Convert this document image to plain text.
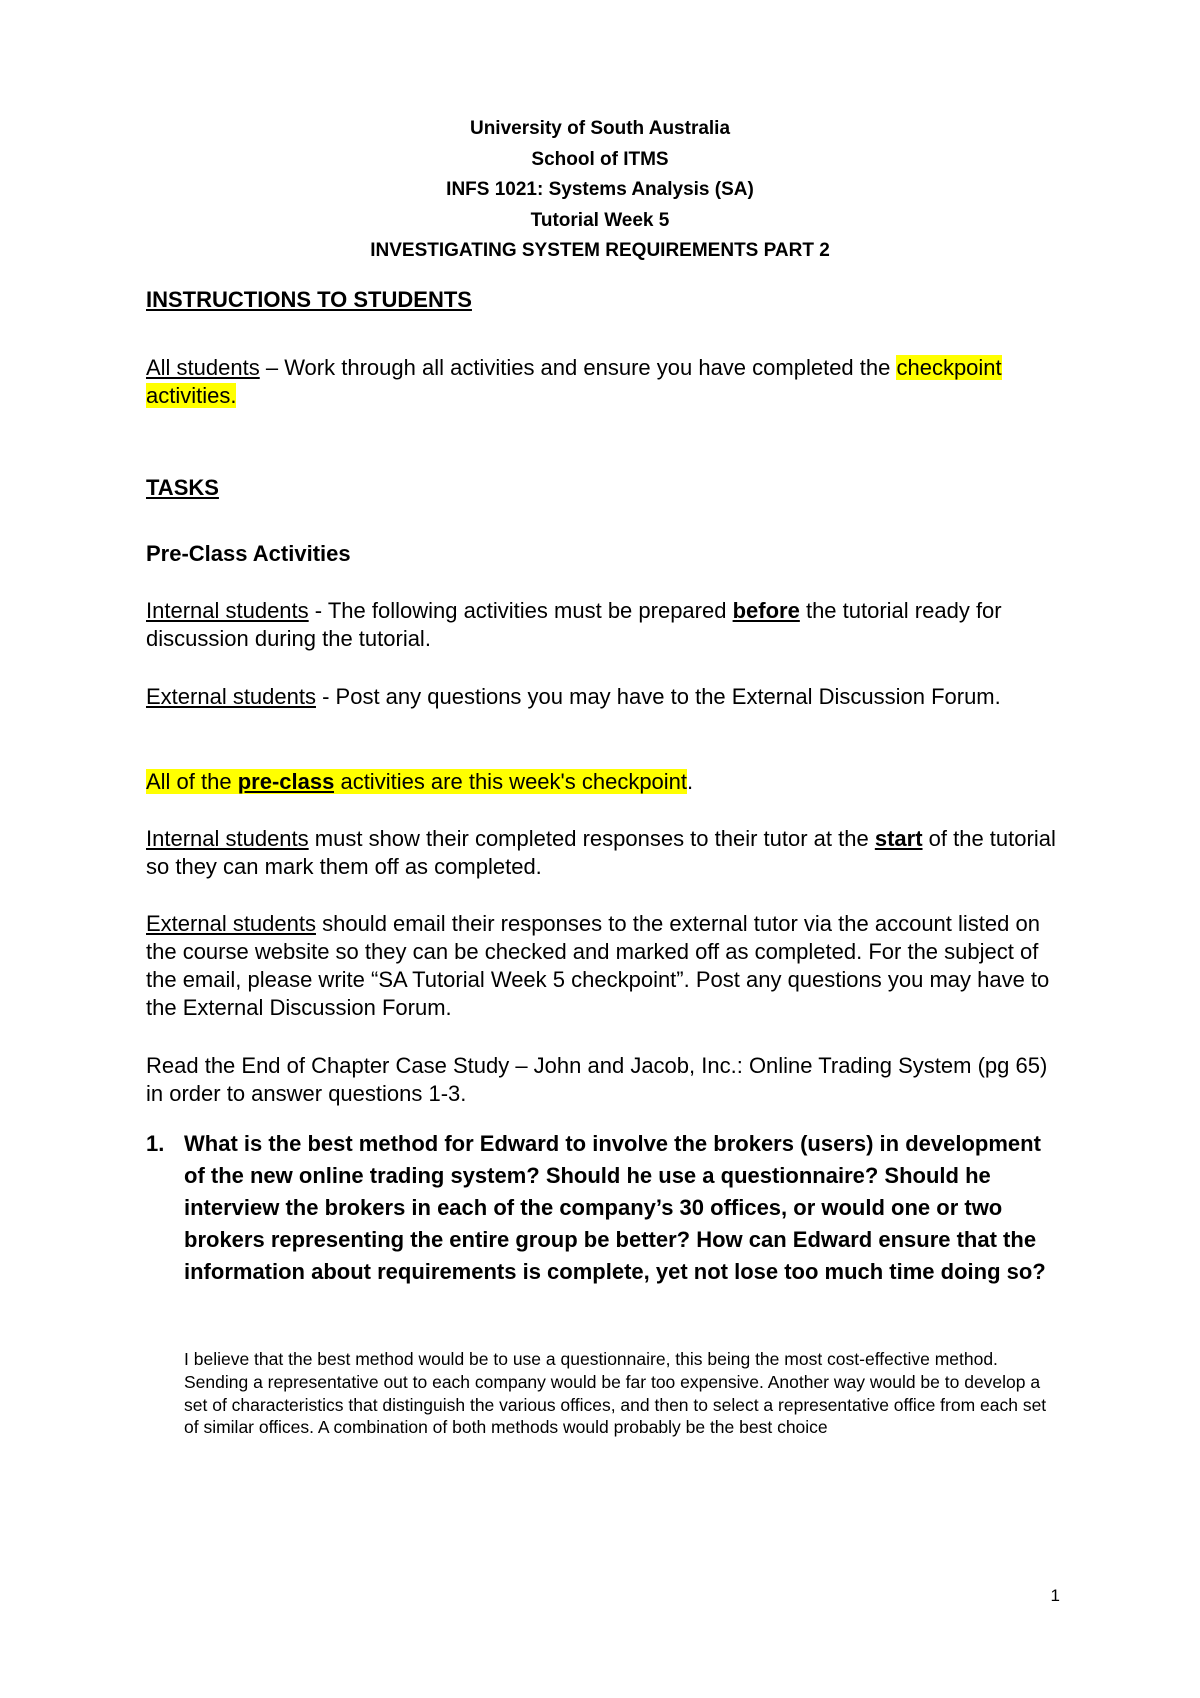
University of South Australia
School of ITMS
INFS 1021: Systems Analysis (SA)
Tutorial Week 5
INVESTIGATING SYSTEM REQUIREMENTS PART 2
INSTRUCTIONS TO STUDENTS
All students – Work through all activities and ensure you have completed the checkpoint activities.
TASKS
Pre-Class Activities
Internal students - The following activities must be prepared before the tutorial ready for discussion during the tutorial.
External students - Post any questions you may have to the External Discussion Forum.
All of the pre-class activities are this week's checkpoint.
Internal students must show their completed responses to their tutor at the start of the tutorial so they can mark them off as completed.
External students should email their responses to the external tutor via the account listed on the course website so they can be checked and marked off as completed. For the subject of the email, please write “SA Tutorial Week 5 checkpoint”. Post any questions you may have to the External Discussion Forum.
Read the End of Chapter Case Study – John and Jacob, Inc.: Online Trading System (pg 65) in order to answer questions 1-3.
1. What is the best method for Edward to involve the brokers (users) in development of the new online trading system? Should he use a questionnaire? Should he interview the brokers in each of the company’s 30 offices, or would one or two brokers representing the entire group be better? How can Edward ensure that the information about requirements is complete, yet not lose too much time doing so?
I believe that the best method would be to use a questionnaire, this being the most cost-effective method. Sending a representative out to each company would be far too expensive. Another way would be to develop a set of characteristics that distinguish the various offices, and then to select a representative office from each set of similar offices. A combination of both methods would probably be the best choice
1
